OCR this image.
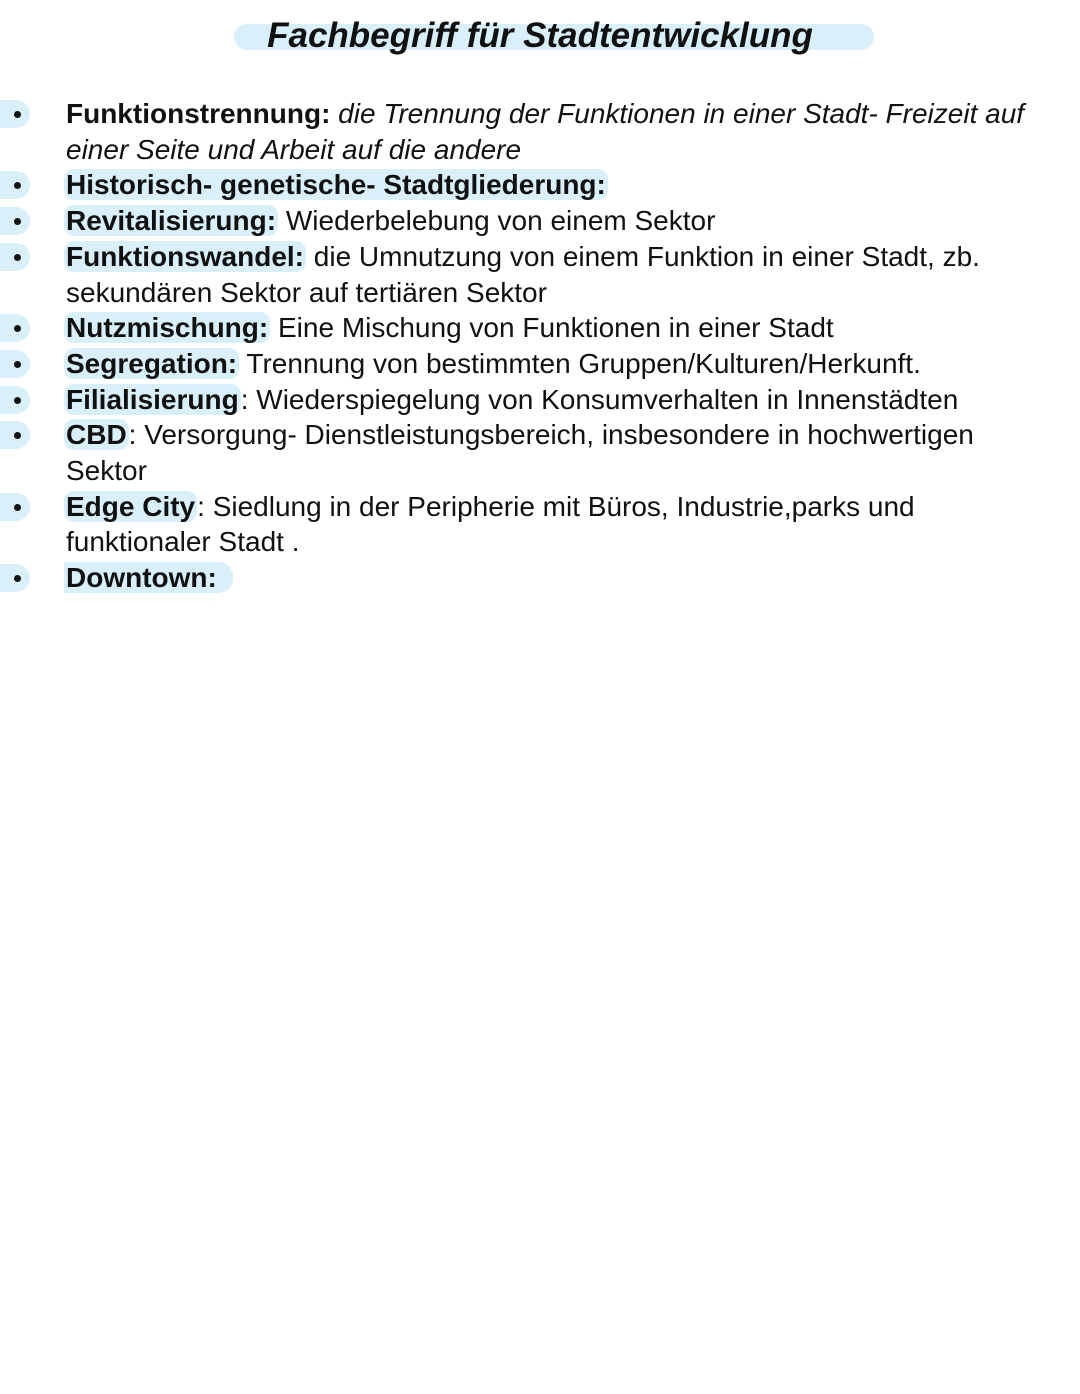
Fachbegriff für Stadtentwicklung
Funktionstrennung: die Trennung der Funktionen in einer Stadt- Freizeit auf einer Seite und Arbeit auf die andere
Historisch- genetische- Stadtgliederung:
Revitalisierung: Wiederbelebung von einem Sektor
Funktionswandel: die Umnutzung von einem Funktion in einer Stadt, zb. sekundären Sektor auf tertiären Sektor
Nutzmischung: Eine Mischung von Funktionen in einer Stadt
Segregation: Trennung von bestimmten Gruppen/Kulturen/Herkunft.
Filialisierung: Wiederspiegelung von Konsumverhalten in Innenstädten
CBD: Versorgung- Dienstleistungsbereich, insbesondere in hochwertigen Sektor
Edge City: Siedlung in der Peripherie mit Büros, Industrie,parks und funktionaler Stadt .
Downtown:
